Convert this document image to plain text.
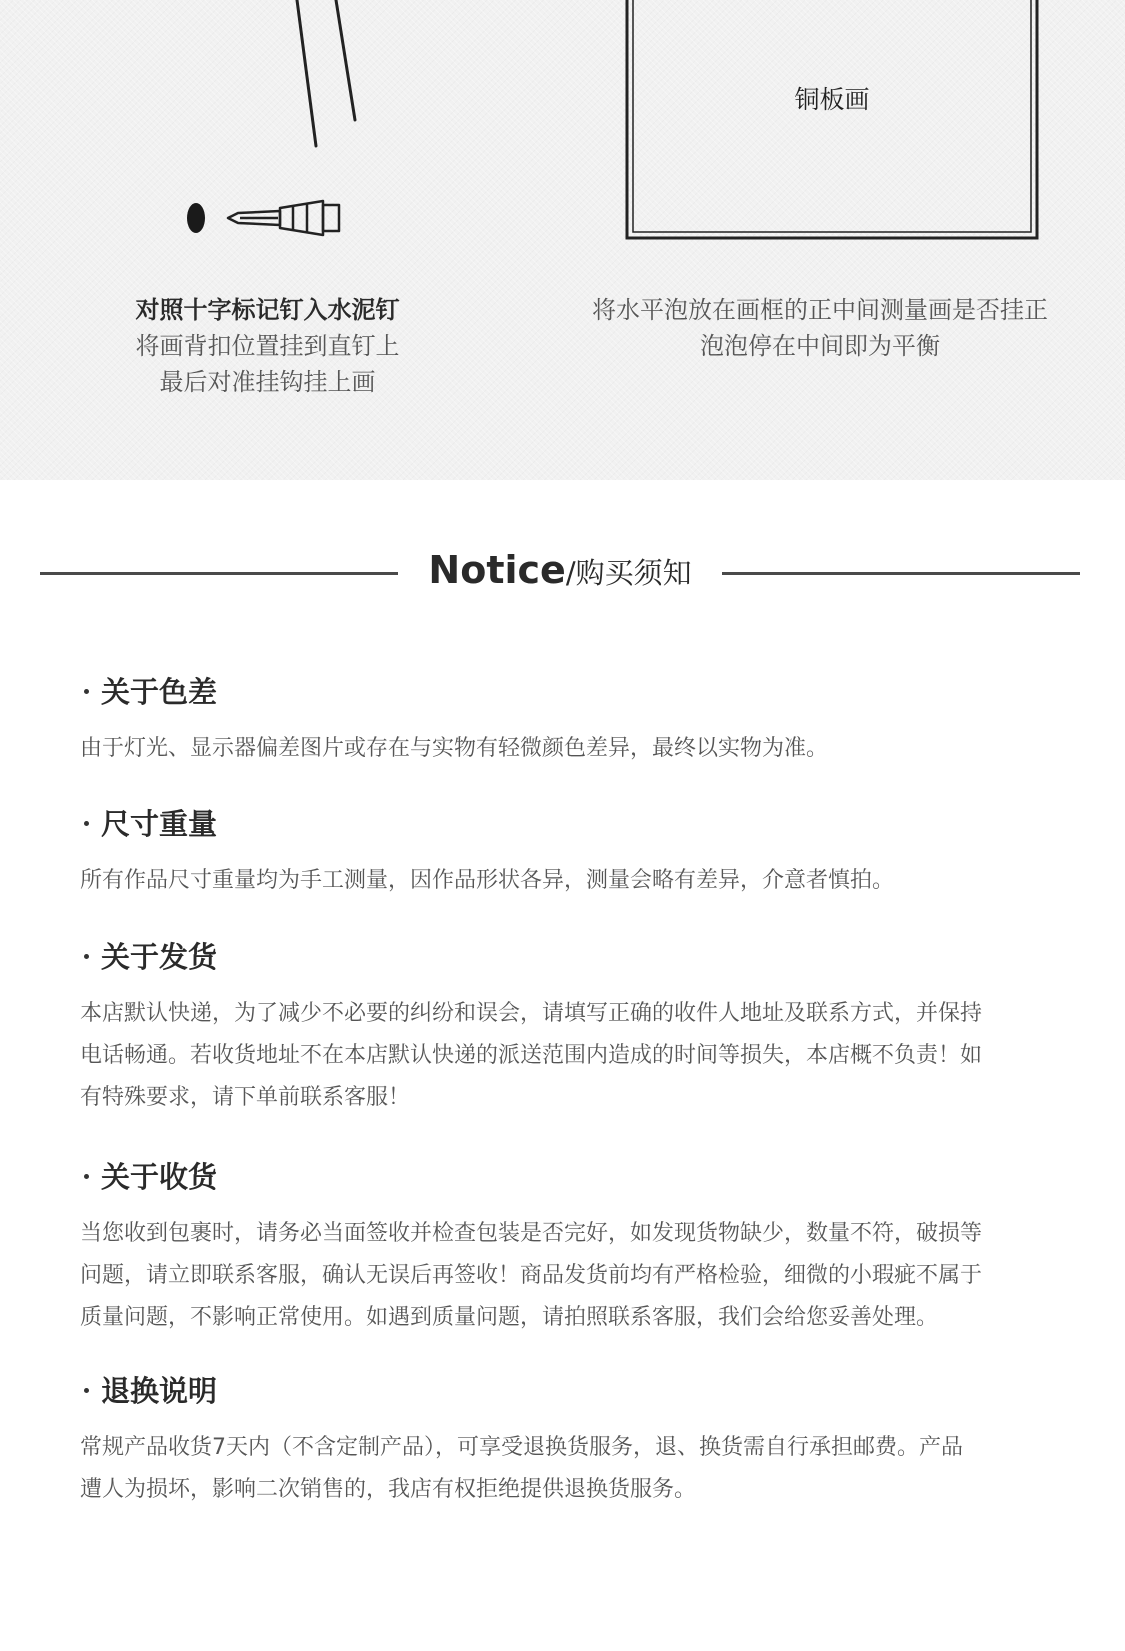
铜板画
对照十字标记钉入水泥钉
将画背扣位置挂到直钉上
最后对准挂钩挂上画
将水平泡放在画框的正中间测量画是否挂正
泡泡停在中间即为平衡
Notice/购买须知
关于色差
由于灯光、显示器偏差图片或存在与实物有轻微颜色差异，最终以实物为准。
尺寸重量
所有作品尺寸重量均为手工测量，因作品形状各异，测量会略有差异，介意者慎拍。
关于发货
本店默认快递，为了减少不必要的纠纷和误会，请填写正确的收件人地址及联系方式，并保持
电话畅通。若收货地址不在本店默认快递的派送范围内造成的时间等损失，本店概不负责！如
有特殊要求，请下单前联系客服！
关于收货
当您收到包裹时，请务必当面签收并检查包装是否完好，如发现货物缺少，数量不符，破损等
问题，请立即联系客服，确认无误后再签收！商品发货前均有严格检验，细微的小瑕疵不属于
质量问题，不影响正常使用。如遇到质量问题，请拍照联系客服，我们会给您妥善处理。
退换说明
常规产品收货7天内（不含定制产品），可享受退换货服务，退、换货需自行承担邮费。产品
遭人为损坏，影响二次销售的，我店有权拒绝提供退换货服务。
